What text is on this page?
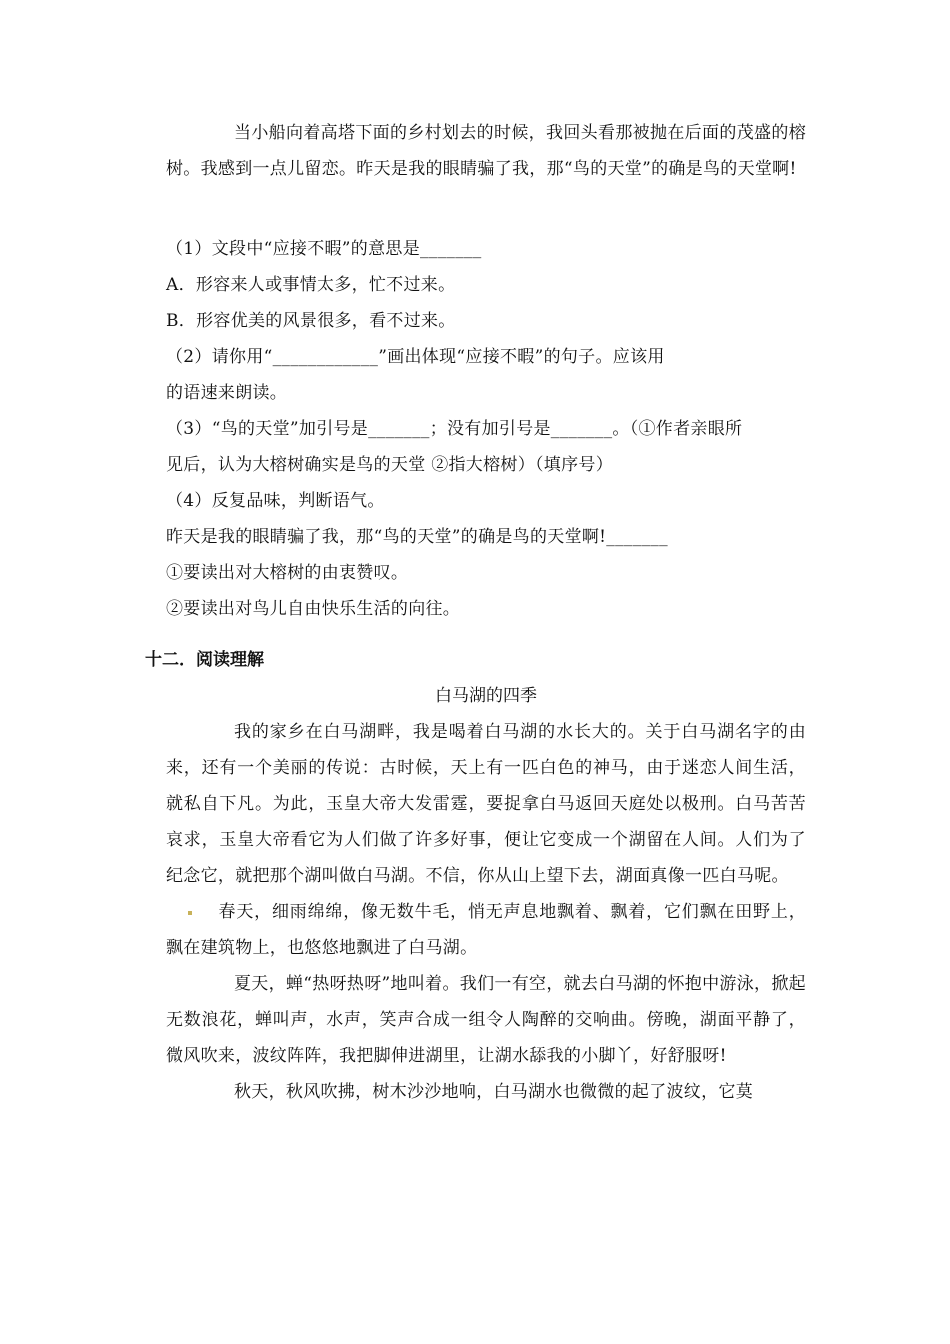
当小船向着高塔下面的乡村划去的时候，我回头看那被抛在后面的茂盛的榕树。我感到一点儿留恋。昨天是我的眼睛骗了我，那“鸟的天堂”的确是鸟的天堂啊!

（1）文段中“应接不暇”的意思是_______

A．形容来人或事情太多，忙不过来。

B．形容优美的风景很多，看不过来。

（2）请你用“____________”画出体现“应接不暇”的句子。应该用

的语速来朗读。

（3）“鸟的天堂”加引号是_______；没有加引号是_______。（①作者亲眼所

见后，认为大榕树确实是鸟的天堂 ②指大榕树）（填序号）

（4）反复品味，判断语气。

昨天是我的眼睛骗了我，那“鸟的天堂”的确是鸟的天堂啊!_______

①要读出对大榕树的由衷赞叹。

②要读出对鸟儿自由快乐生活的向往。

十二．阅读理解
白马湖的四季

我的家乡在白马湖畔，我是喝着白马湖的水长大的。关于白马湖名字的由来，还有一个美丽的传说：古时候，天上有一匹白色的神马，由于迷恋人间生活，就私自下凡。为此，玉皇大帝大发雷霆，要捉拿白马返回天庭处以极刑。白马苦苦哀求，玉皇大帝看它为人们做了许多好事，便让它变成一个湖留在人间。人们为了纪念它，就把那个湖叫做白马湖。不信，你从山上望下去，湖面真像一匹白马呢。

春天，细雨绵绵，像无数牛毛，悄无声息地飘着、飘着，它们飘在田野上，飘在建筑物上，也悠悠地飘进了白马湖。

夏天，蝉“热呀热呀”地叫着。我们一有空，就去白马湖的怀抱中游泳，掀起无数浪花，蝉叫声，水声，笑声合成一组令人陶醉的交响曲。傍晚，湖面平静了，微风吹来，波纹阵阵，我把脚伸进湖里，让湖水舔我的小脚丫，好舒服呀!

秋天，秋风吹拂，树木沙沙地响，白马湖水也微微的起了波纹，它莫
